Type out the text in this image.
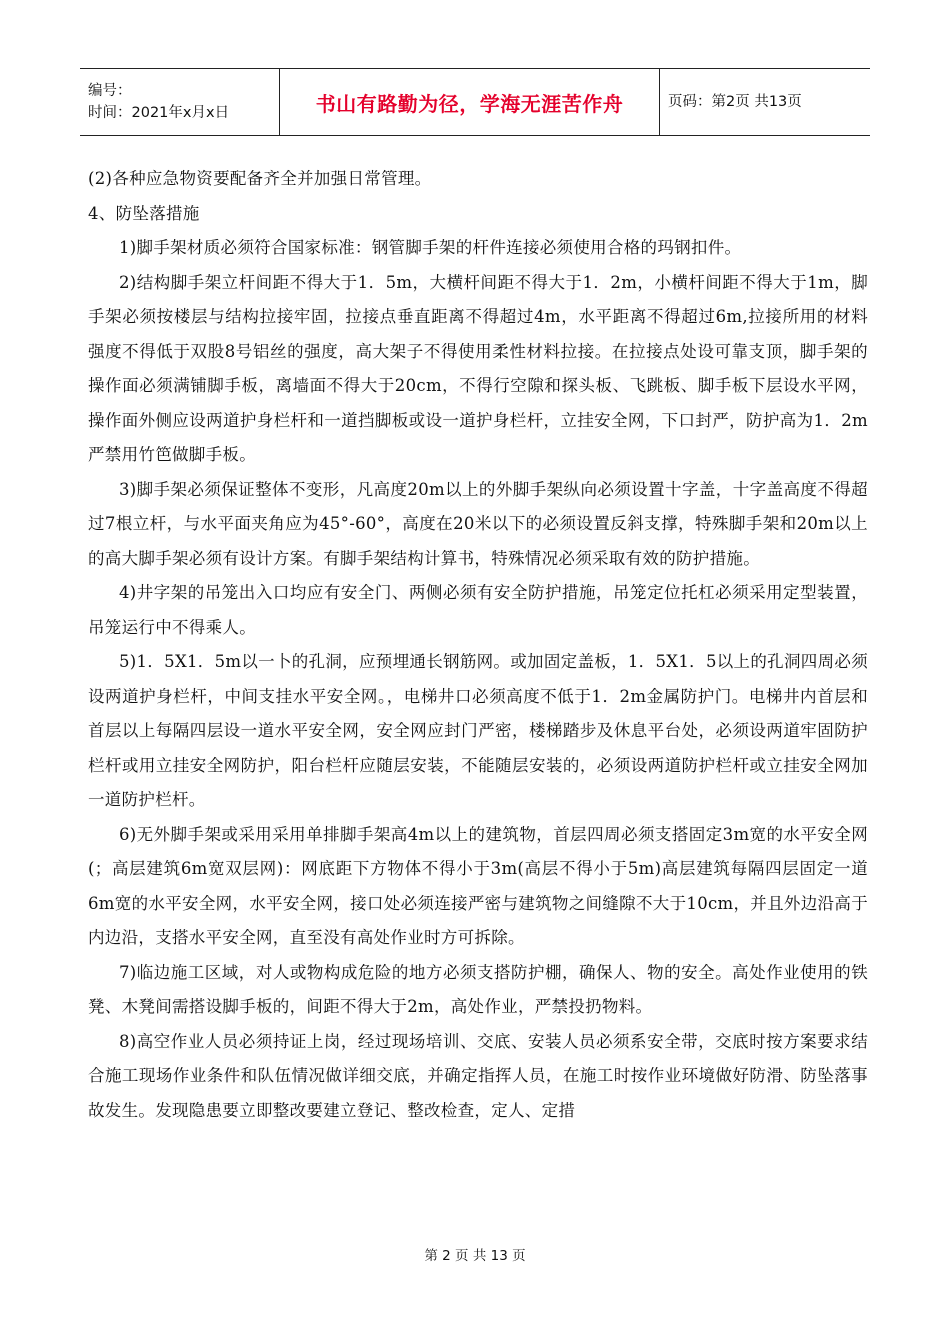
编号：
时间：2021年x月x日	书山有路勤为径，学海无涯苦作舟	页码：第2页 共13页

(2)各种应急物资要配备齐全并加强日常管理。

4、防坠落措施

1)脚手架材质必须符合国家标准：钢管脚手架的杆件连接必须使用合格的玛钢扣件。

2)结构脚手架立杆间距不得大于1．5m，大横杆间距不得大于1．2m，小横杆间距不得大于1m，脚手架必须按楼层与结构拉接牢固，拉接点垂直距离不得超过4m，水平距离不得超过6m,拉接所用的材料强度不得低于双股8号铝丝的强度，高大架子不得使用柔性材料拉接。在拉接点处设可靠支顶，脚手架的操作面必须满铺脚手板，离墙面不得大于20cm，不得行空隙和探头板、飞跳板、脚手板下层设水平网，操作面外侧应设两道护身栏杆和一道挡脚板或设一道护身栏杆，立挂安全网，下口封严，防护高为1．2m严禁用竹笆做脚手板。

3)脚手架必须保证整体不变形，凡高度20m以上的外脚手架纵向必须设置十字盖，十字盖高度不得超过7根立杆，与水平面夹角应为45°-60°，高度在20米以下的必须设置反斜支撑，特殊脚手架和20m以上的高大脚手架必须有设计方案。有脚手架结构计算书，特殊情况必须采取有效的防护措施。

4)井字架的吊笼出入口均应有安全门、两侧必须有安全防护措施，吊笼定位托杠必须采用定型装置，吊笼运行中不得乘人。

5)1．5X1．5m以一卜的孔洞，应预埋通长钢筋网。或加固定盖板，1．5X1．5以上的孔洞四周必须设两道护身栏杆，中间支挂水平安全网。，电梯井口必须高度不低于1．2m金属防护门。电梯井内首层和首层以上每隔四层设一道水平安全网，安全网应封门严密，楼梯踏步及休息平台处，必须设两道牢固防护栏杆或用立挂安全网防护，阳台栏杆应随层安装，不能随层安装的，必须设两道防护栏杆或立挂安全网加一道防护栏杆。

6)无外脚手架或采用采用单排脚手架高4m以上的建筑物，首层四周必须支搭固定3m宽的水平安全网(；高层建筑6m宽双层网)：网底距下方物体不得小于3m(高层不得小于5m)高层建筑每隔四层固定一道6m宽的水平安全网，水平安全网，接口处必须连接严密与建筑物之间缝隙不大于10cm，并且外边沿高于内边沿，支搭水平安全网，直至没有高处作业时方可拆除。

7)临边施工区域，对人或物构成危险的地方必须支搭防护棚，确保人、物的安全。高处作业使用的铁凳、木凳间需搭设脚手板的，间距不得大于2m，高处作业，严禁投扔物料。

8)高空作业人员必须持证上岗，经过现场培训、交底、安装人员必须系安全带，交底时按方案要求结合施工现场作业条件和队伍情况做详细交底，并确定指挥人员，在施工时按作业环境做好防滑、防坠落事故发生。发现隐患要立即整改要建立登记、整改检查，定人、定措

第 2 页 共 13 页
